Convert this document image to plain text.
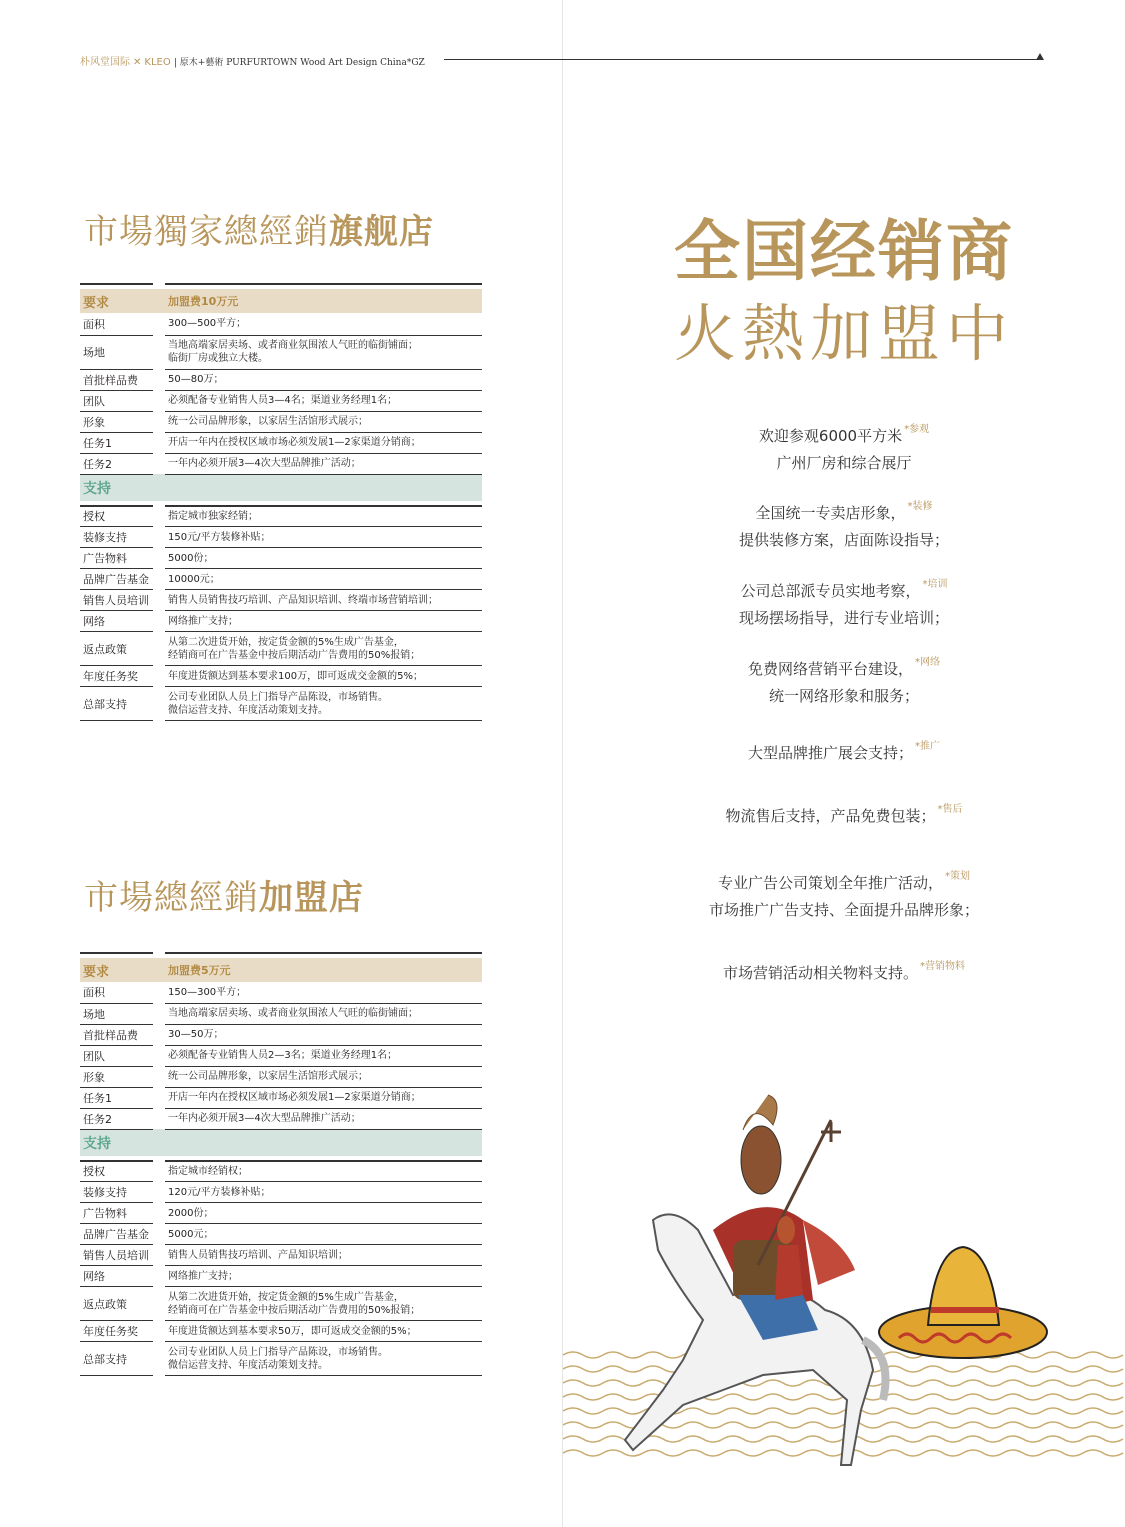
朴风堂国际 ✕ KLEO | 原木+藝術 PURFURTOWN Wood Art Design China*GZ
市場獨家總經銷旗舰店

要求		加盟费10万元
面积		300—500平方；
场地		当地高端家居卖场、或者商业氛围浓人气旺的临街铺面；
临街厂房或独立大楼。

首批样品费		50—80万；
团队		必须配备专业销售人员3—4名；渠道业务经理1名；
形象		统一公司品牌形象，以家居生活馆形式展示；
任务1		开店一年内在授权区域市场必须发展1—2家渠道分销商；
任务2		一年内必须开展3—4次大型品牌推广活动；
支持		

授权		指定城市独家经销；
装修支持		150元/平方装修补贴；
广告物料		5000份；
品牌广告基金		10000元；
销售人员培训		销售人员销售技巧培训、产品知识培训、终端市场营销培训；
网络		网络推广支持；
返点政策		从第二次进货开始，按定货金额的5%生成广告基金，
经销商可在广告基金中按后期活动广告费用的50%报销；

年度任务奖		年度进货额达到基本要求100万，即可返成交金额的5%；
总部支持		公司专业团队人员上门指导产品陈设，市场销售。
微信运营支持、年度活动策划支持。
市場總經銷加盟店

要求		加盟费5万元
面积		150—300平方；
场地		当地高端家居卖场、或者商业氛围浓人气旺的临街铺面；
首批样品费		30—50万；
团队		必须配备专业销售人员2—3名；渠道业务经理1名；
形象		统一公司品牌形象，以家居生活馆形式展示；
任务1		开店一年内在授权区域市场必须发展1—2家渠道分销商；
任务2		一年内必须开展3—4次大型品牌推广活动；
支持		

授权		指定城市经销权；
装修支持		120元/平方装修补贴；
广告物料		2000份；
品牌广告基金		5000元；
销售人员培训		销售人员销售技巧培训、产品知识培训；
网络		网络推广支持；
返点政策		从第二次进货开始，按定货金额的5%生成广告基金，
经销商可在广告基金中按后期活动广告费用的50%报销；

年度任务奖		年度进货额达到基本要求50万，即可返成交金额的5%；
总部支持		公司专业团队人员上门指导产品陈设，市场销售。
微信运营支持、年度活动策划支持。
全国经销商
火熱加盟中
欢迎参观6000平方米 $^{*参观}$
广州厂房和综合展厅
全国统一专卖店形象， $^{*装修}$
提供装修方案，店面陈设指导；
公司总部派专员实地考察， $^{*培训}$
现场摆场指导，进行专业培训；
免费网络营销平台建设， $^{*网络}$
统一网络形象和服务；
大型品牌推广展会支持； $^{*推广}$
物流售后支持，产品免费包装； $^{*售后}$
专业广告公司策划全年推广活动， $^{*策划}$
市场推广广告支持、全面提升品牌形象；
市场营销活动相关物料支持。 $^{*营销物料}$
